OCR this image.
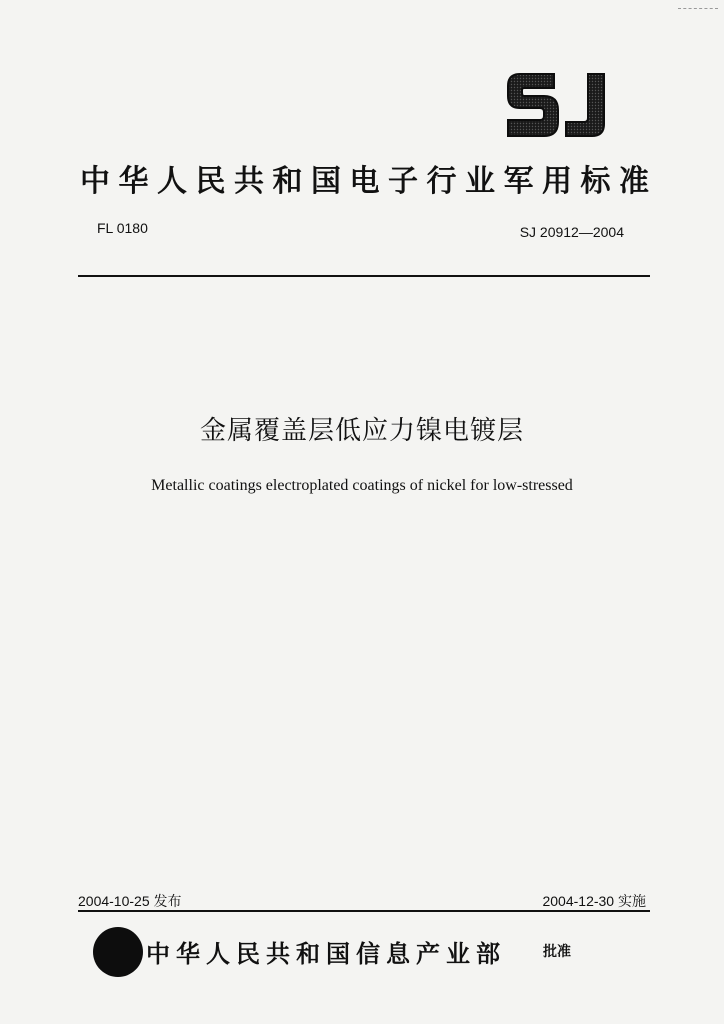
中华人民共和国电子行业军用标准
FL 0180	SJ 20912—2004
金属覆盖层低应力镍电镀层
Metallic coatings electroplated coatings of nickel for low-stressed
2004-10-25 发布	2004-12-30 实施
中华人民共和国信息产业部	批准
